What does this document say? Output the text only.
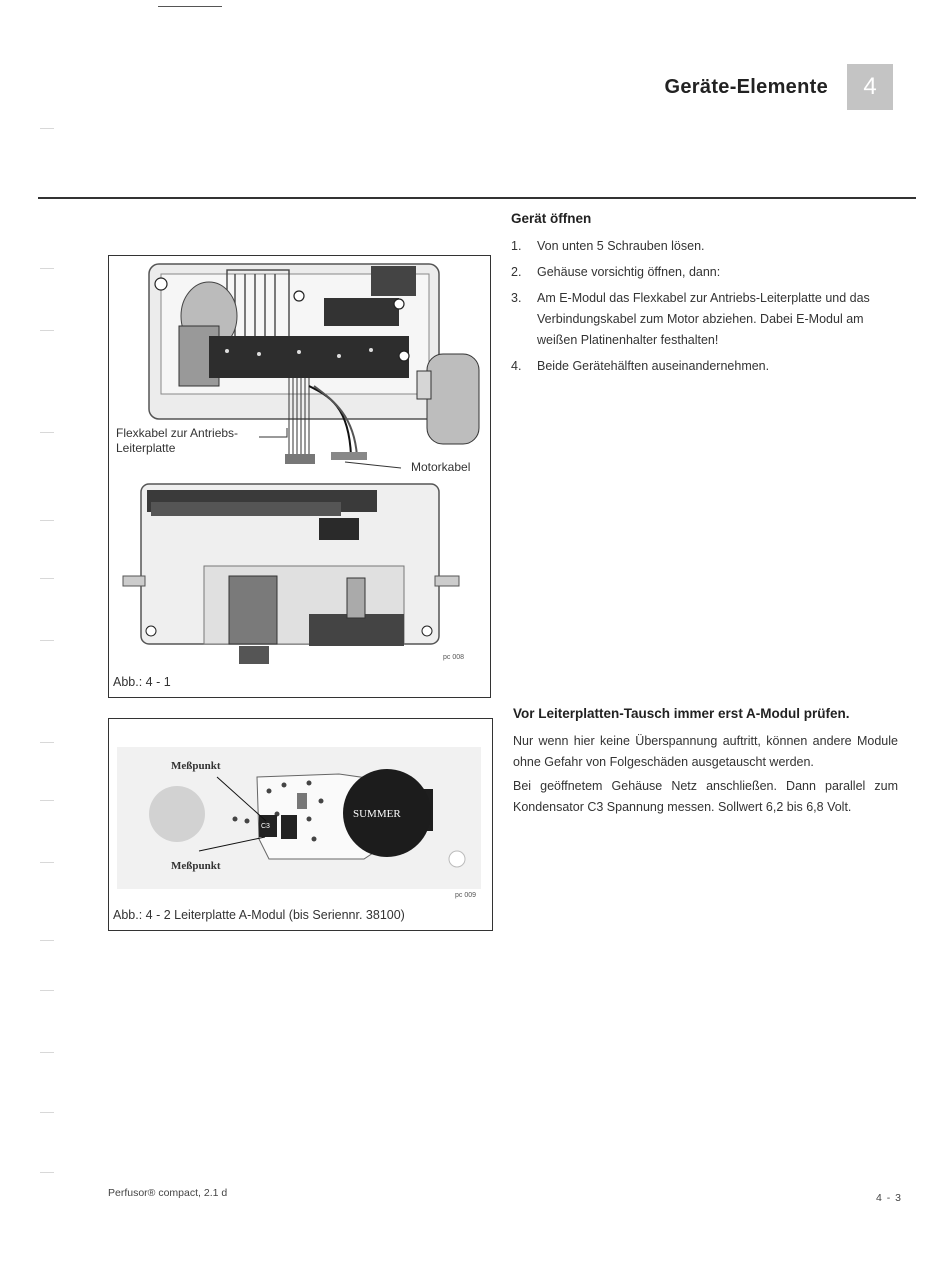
Geräte-Elemente	4
Gerät öffnen
1. Von unten 5 Schrauben lösen.
2. Gehäuse vorsichtig öffnen, dann:
3. Am E-Modul das Flexkabel zur Antriebs-Leiterplatte und das Verbindungskabel zum Motor abziehen. Dabei E-Modul am weißen Platinenhalter festhalten!
4. Beide Gerätehälften auseinandernehmen.
Flexkabel zur Antriebs-
Leiterplatte
Motorkabel
pc 008
Abb.: 4 - 1
Vor Leiterplatten-Tausch immer erst A-Modul prüfen.
Nur wenn hier keine Überspannung auftritt, können andere Module ohne Gefahr von Folgeschäden ausgetauscht werden.
Bei geöffnetem Gehäuse Netz anschließen. Dann parallel zum Kondensator C3 Spannung messen. Sollwert 6,2 bis 6,8 Volt.
Meßpunkt
Meßpunkt
SUMMER
C3
pc 009
Abb.: 4 - 2 Leiterplatte A-Modul (bis Seriennr. 38100)
Perfusor® compact, 2.1 d	4 - 3
